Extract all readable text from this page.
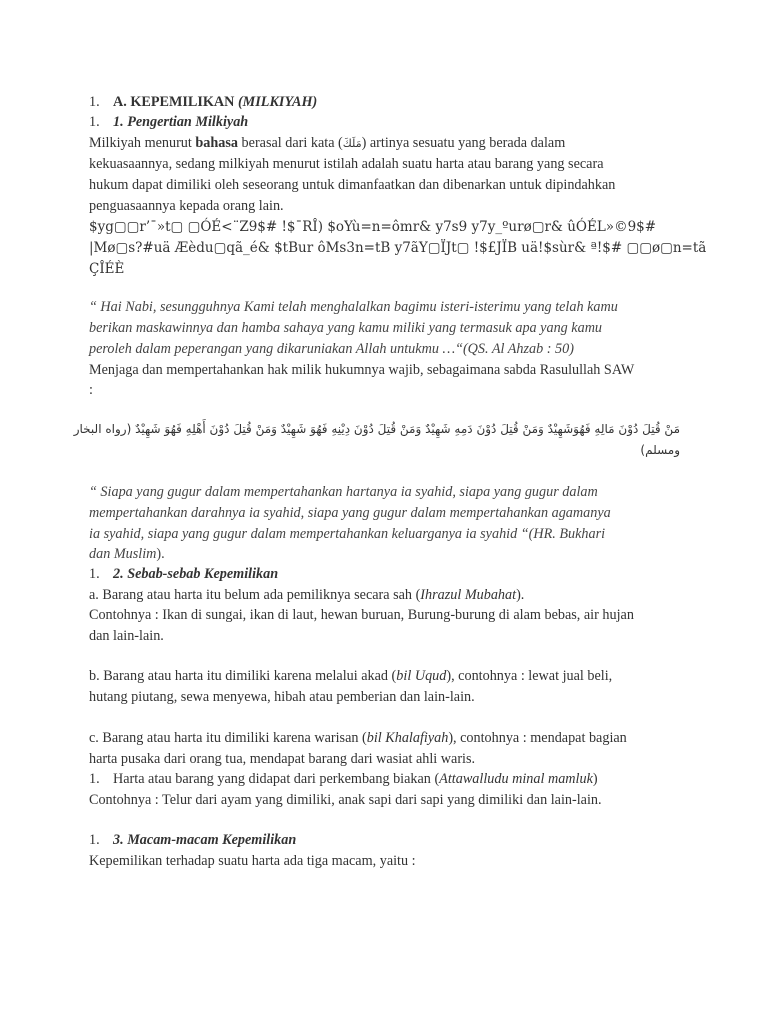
1. A. KEPEMILIKAN (MILKIYAH)
1. 1. Pengertian Milkiyah
Milkiyah menurut bahasa berasal dari kata (مَلَكَ) artinya sesuatu yang berada dalam
kekuasaannya, sedang milkiyah menurut istilah adalah suatu harta atau barang yang secara
hukum dapat dimiliki oleh seseorang untuk dimanfaatkan dan dibenarkan untuk dipindahkan
penguasaannya kepada orang lain.
$yg▢▢r’¯»t▢ ▢ÓÉ<¨Z9$# !$¯RÎ) $oYù=n=ômr& y7s9 y7y_ºurø▢r& ûÓÉL»©9$#
|Mø▢s?#uä Æèdu▢qã_é& $tBur ôMs3n=tB y7ãY▢ÏJt▢ !$£JÏB uä!$sùr& ª!$# ▢▢ø▢n=tã
ÇÎÉÈ
“ Hai Nabi, sesungguhnya Kami telah menghalalkan bagimu isteri-isterimu yang telah kamu
berikan maskawinnya dan hamba sahaya yang kamu miliki yang termasuk apa yang kamu
peroleh dalam peperangan yang dikaruniakan Allah untukmu …“(QS. Al Ahzab : 50)
Menjaga dan mempertahankan hak milik hukumnya wajib, sebagaimana sabda Rasulullah SAW
:
مَنْ قُتِلَ دُوْنَ مَالِهِ فَهُوَشَهِيْدٌ وَمَنْ قُتِلَ دُوْنَ دَمِهِ شَهِيْدٌ وَمَنْ قُتِلَ دُوْنَ دِيْنِهِ فَهُوَ شَهِيْدٌ وَمَنْ قُتِلَ دُوْنَ أَهْلِهِ فَهُوَ شَهِيْدٌ (رواه البخار
ومسلم)
“ Siapa yang gugur dalam mempertahankan hartanya ia syahid, siapa yang gugur dalam
mempertahankan darahnya ia syahid, siapa yang gugur dalam mempertahankan agamanya
ia syahid, siapa yang gugur dalam mempertahankan keluarganya ia syahid “(HR. Bukhari
dan Muslim).
1. 2. Sebab-sebab Kepemilikan
a. Barang atau harta itu belum ada pemiliknya secara sah (Ihrazul Mubahat).
Contohnya : Ikan di sungai, ikan di laut, hewan buruan, Burung-burung di alam bebas, air hujan
dan lain-lain.
b. Barang atau harta itu dimiliki karena melalui akad (bil Uqud), contohnya : lewat jual beli,
hutang piutang, sewa menyewa, hibah atau pemberian dan lain-lain.
c. Barang atau harta itu dimiliki karena warisan (bil Khalafiyah), contohnya : mendapat bagian
harta pusaka dari orang tua, mendapat barang dari wasiat ahli waris.
1. Harta atau barang yang didapat dari perkembang biakan (Attawalludu minal mamluk)
Contohnya : Telur dari ayam yang dimiliki, anak sapi dari sapi yang dimiliki dan lain-lain.
1. 3. Macam-macam Kepemilikan
Kepemilikan terhadap suatu harta ada tiga macam, yaitu :
